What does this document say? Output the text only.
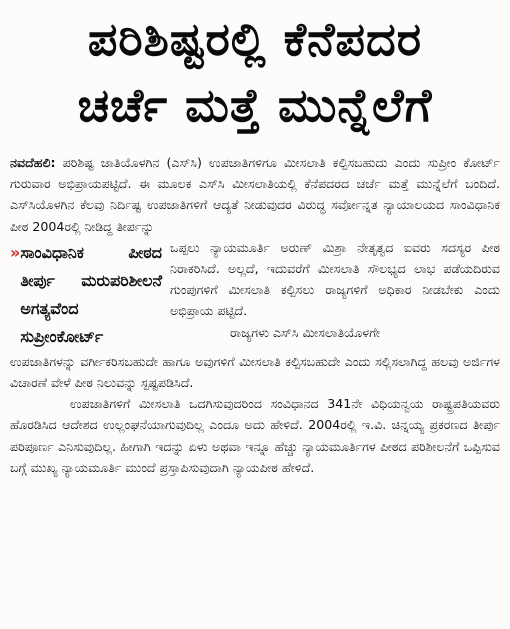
ಪರಿಶಿಷ್ಟರಲ್ಲಿ ಕೆನೆಪದರ
ಚರ್ಚೆ ಮತ್ತೆ ಮುನ್ನೆಲೆಗೆ

ನವದೆಹಲಿ: ಪರಿಶಿಷ್ಟ ಜಾತಿಯೊಳಗಿನ (ಎಸ್‌ಸಿ) ಉಪಜಾತಿಗಳಿಗೂ ಮೀಸಲಾತಿ ಕಲ್ಪಿಸಬಹುದು ಎಂದು ಸುಪ್ರೀಂ ಕೋರ್ಟ್ ಗುರುವಾರ ಅಭಿಪ್ರಾಯಪಟ್ಟಿದೆ. ಈ ಮೂಲಕ ಎಸ್‌ಸಿ ಮೀಸಲಾತಿಯಲ್ಲಿ ಕೆನೆಪದರದ ಚರ್ಚೆ ಮತ್ತೆ ಮುನ್ನೆಲೆಗೆ ಬಂದಿದೆ. ಎಸ್‌ಸಿಯೊಳಗಿನ ಕೆಲವು ನಿರ್ದಿಷ್ಟ ಉಪಜಾತಿಗಳಿಗೆ ಆದ್ಯತೆ ನೀಡುವುದರ ವಿರುದ್ಧ ಸರ್ವೋನ್ನತ ನ್ಯಾಯಾಲಯದ ಸಾಂವಿಧಾನಿಕ ಪೀಠ 2004ರಲ್ಲಿ ನೀಡಿದ್ದ ತೀರ್ಪನ್ನು

» ಸಾಂವಿಧಾನಿಕ ಪೀಠದ ತೀರ್ಪು ಮರುಪರಿಶೀಲನೆ ಅಗತ್ಯವೆಂದ ಸುಪ್ರೀಂಕೋರ್ಟ್
ಒಪ್ಪಲು ನ್ಯಾಯಮೂರ್ತಿ ಅರುಣ್ ಮಿಶ್ರಾ ನೇತೃತ್ವದ ಐವರು ಸದಸ್ಯರ ಪೀಠ ನಿರಾಕರಿಸಿದೆ. ಅಲ್ಲದೆ, ಇದುವರೆಗೆ ಮೀಸಲಾತಿ ಸೌಲಭ್ಯದ ಲಾಭ ಪಡೆಯದಿರುವ ಗುಂಪುಗಳಿಗೆ ಮೀಸಲಾತಿ ಕಲ್ಪಿಸಲು ರಾಜ್ಯಗಳಿಗೆ ಅಧಿಕಾರ ನೀಡಬೇಕು ಎಂದು ಅಭಿಪ್ರಾಯ ಪಟ್ಟಿದೆ.
ರಾಜ್ಯಗಳು ಎಸ್‌ಸಿ ಮೀಸಲಾತಿಯೊಳಗೇ

ಉಪಜಾತಿಗಳನ್ನು ವರ್ಗೀಕರಿಸಬಹುದೇ ಹಾಗೂ ಅವುಗಳಿಗೆ ಮೀಸಲಾತಿ ಕಲ್ಪಿಸಬಹುದೇ ಎಂದು ಸಲ್ಲಿಸಲಾಗಿದ್ದ ಹಲವು ಅರ್ಜಿಗಳ ವಿಚಾರಣೆ ವೇಳೆ ಪೀಠ ನಿಲುವನ್ನು ಸ್ಪಷ್ಟಪಡಿಸಿದೆ.

ಉಪಜಾತಿಗಳಿಗೆ ಮೀಸಲಾತಿ ಒದಗಿಸುವುದರಿಂದ ಸಂವಿಧಾನದ 341ನೇ ವಿಧಿಯನ್ವಯ ರಾಷ್ಟ್ರಪತಿಯವರು ಹೊರಡಿಸಿದ ಆದೇಶದ ಉಲ್ಲಂಘನೆಯಾಗುವುದಿಲ್ಲ ಎಂದೂ ಅದು ಹೇಳಿದೆ. 2004ರಲ್ಲಿ ಇ.ವಿ. ಚಿನ್ನಯ್ಯ ಪ್ರಕರಣದ ತೀರ್ಪು ಪರಿಪೂರ್ಣ ಎನಿಸುವುದಿಲ್ಲ. ಹೀಗಾಗಿ ಇದನ್ನು ಏಳು ಅಥವಾ ಇನ್ನೂ ಹೆಚ್ಚು ನ್ಯಾಯಮೂರ್ತಿಗಳ ಪೀಠದ ಪರಿಶೀಲನೆಗೆ ಒಪ್ಪಿಸುವ ಬಗ್ಗೆ ಮುಖ್ಯ ನ್ಯಾಯಮೂರ್ತಿ ಮುಂದೆ ಪ್ರಸ್ತಾಪಿಸುವುದಾಗಿ ನ್ಯಾಯಪೀಠ ಹೇಳಿದೆ.
